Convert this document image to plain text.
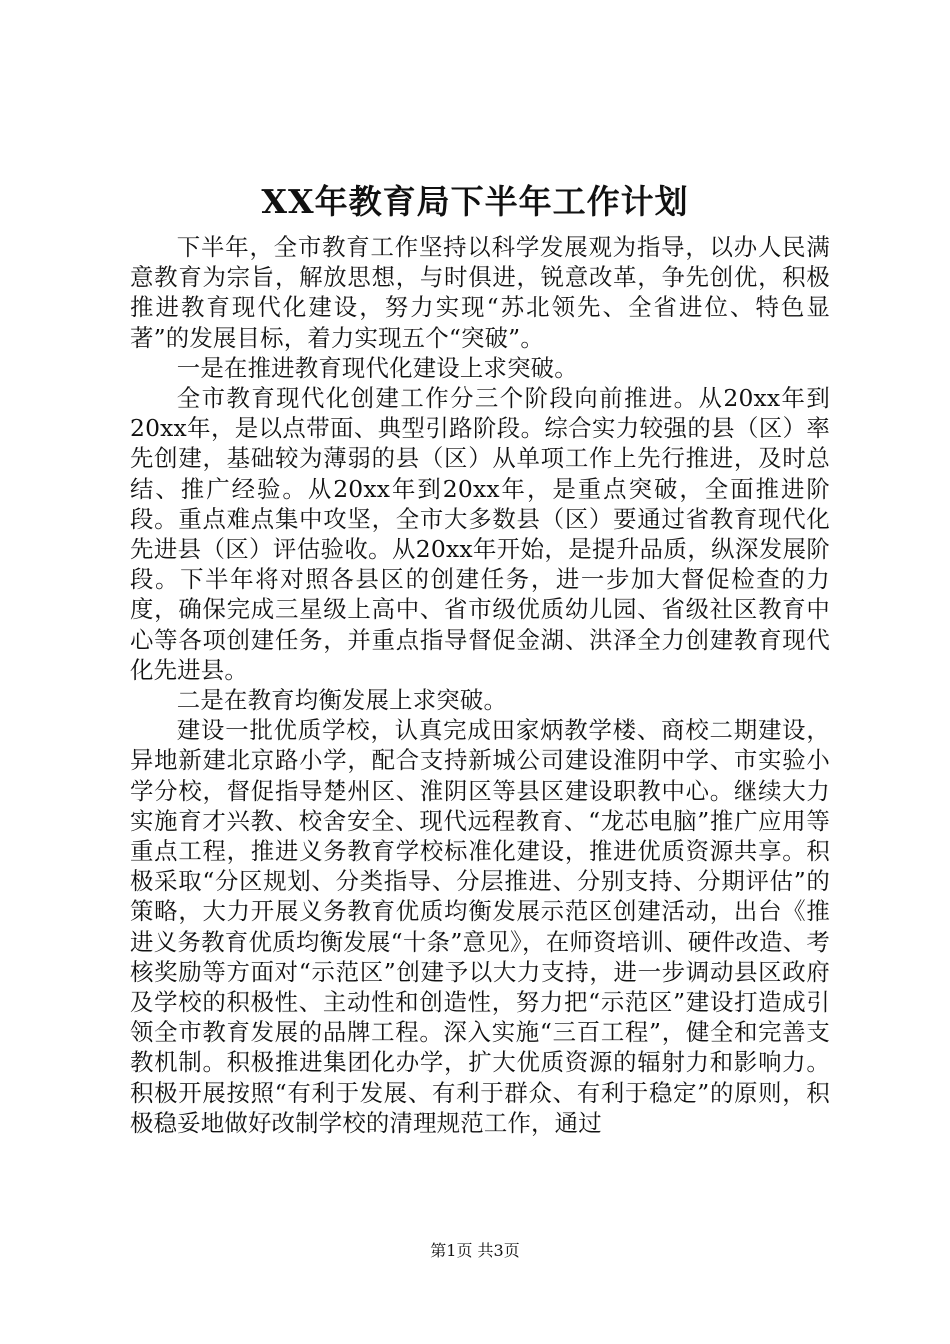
XX年教育局下半年工作计划

下半年，全市教育工作坚持以科学发展观为指导，以办人民满意教育为宗旨，解放思想，与时俱进，锐意改革，争先创优，积极推进教育现代化建设，努力实现“苏北领先、全省进位、特色显著”的发展目标，着力实现五个“突破”。

一是在推进教育现代化建设上求突破。

全市教育现代化创建工作分三个阶段向前推进。从20xx年到20xx年，是以点带面、典型引路阶段。综合实力较强的县（区）率先创建，基础较为薄弱的县（区）从单项工作上先行推进，及时总结、推广经验。从20xx年到20xx年，是重点突破，全面推进阶段。重点难点集中攻坚，全市大多数县（区）要通过省教育现代化先进县（区）评估验收。从20xx年开始，是提升品质，纵深发展阶段。下半年将对照各县区的创建任务，进一步加大督促检查的力度，确保完成三星级上高中、省市级优质幼儿园、省级社区教育中心等各项创建任务，并重点指导督促金湖、洪泽全力创建教育现代化先进县。

二是在教育均衡发展上求突破。

建设一批优质学校，认真完成田家炳教学楼、商校二期建设，异地新建北京路小学，配合支持新城公司建设淮阴中学、市实验小学分校，督促指导楚州区、淮阴区等县区建设职教中心。继续大力实施育才兴教、校舍安全、现代远程教育、“龙芯电脑”推广应用等重点工程，推进义务教育学校标准化建设，推进优质资源共享。积极采取“分区规划、分类指导、分层推进、分别支持、分期评估”的策略，大力开展义务教育优质均衡发展示范区创建活动，出台《推进义务教育优质均衡发展“十条”意见》，在师资培训、硬件改造、考核奖励等方面对“示范区”创建予以大力支持，进一步调动县区政府及学校的积极性、主动性和创造性，努力把“示范区”建设打造成引领全市教育发展的品牌工程。深入实施“三百工程”，健全和完善支教机制。积极推进集团化办学，扩大优质资源的辐射力和影响力。积极开展按照“有利于发展、有利于群众、有利于稳定”的原则，积极稳妥地做好改制学校的清理规范工作，通过

第1页 共3页
